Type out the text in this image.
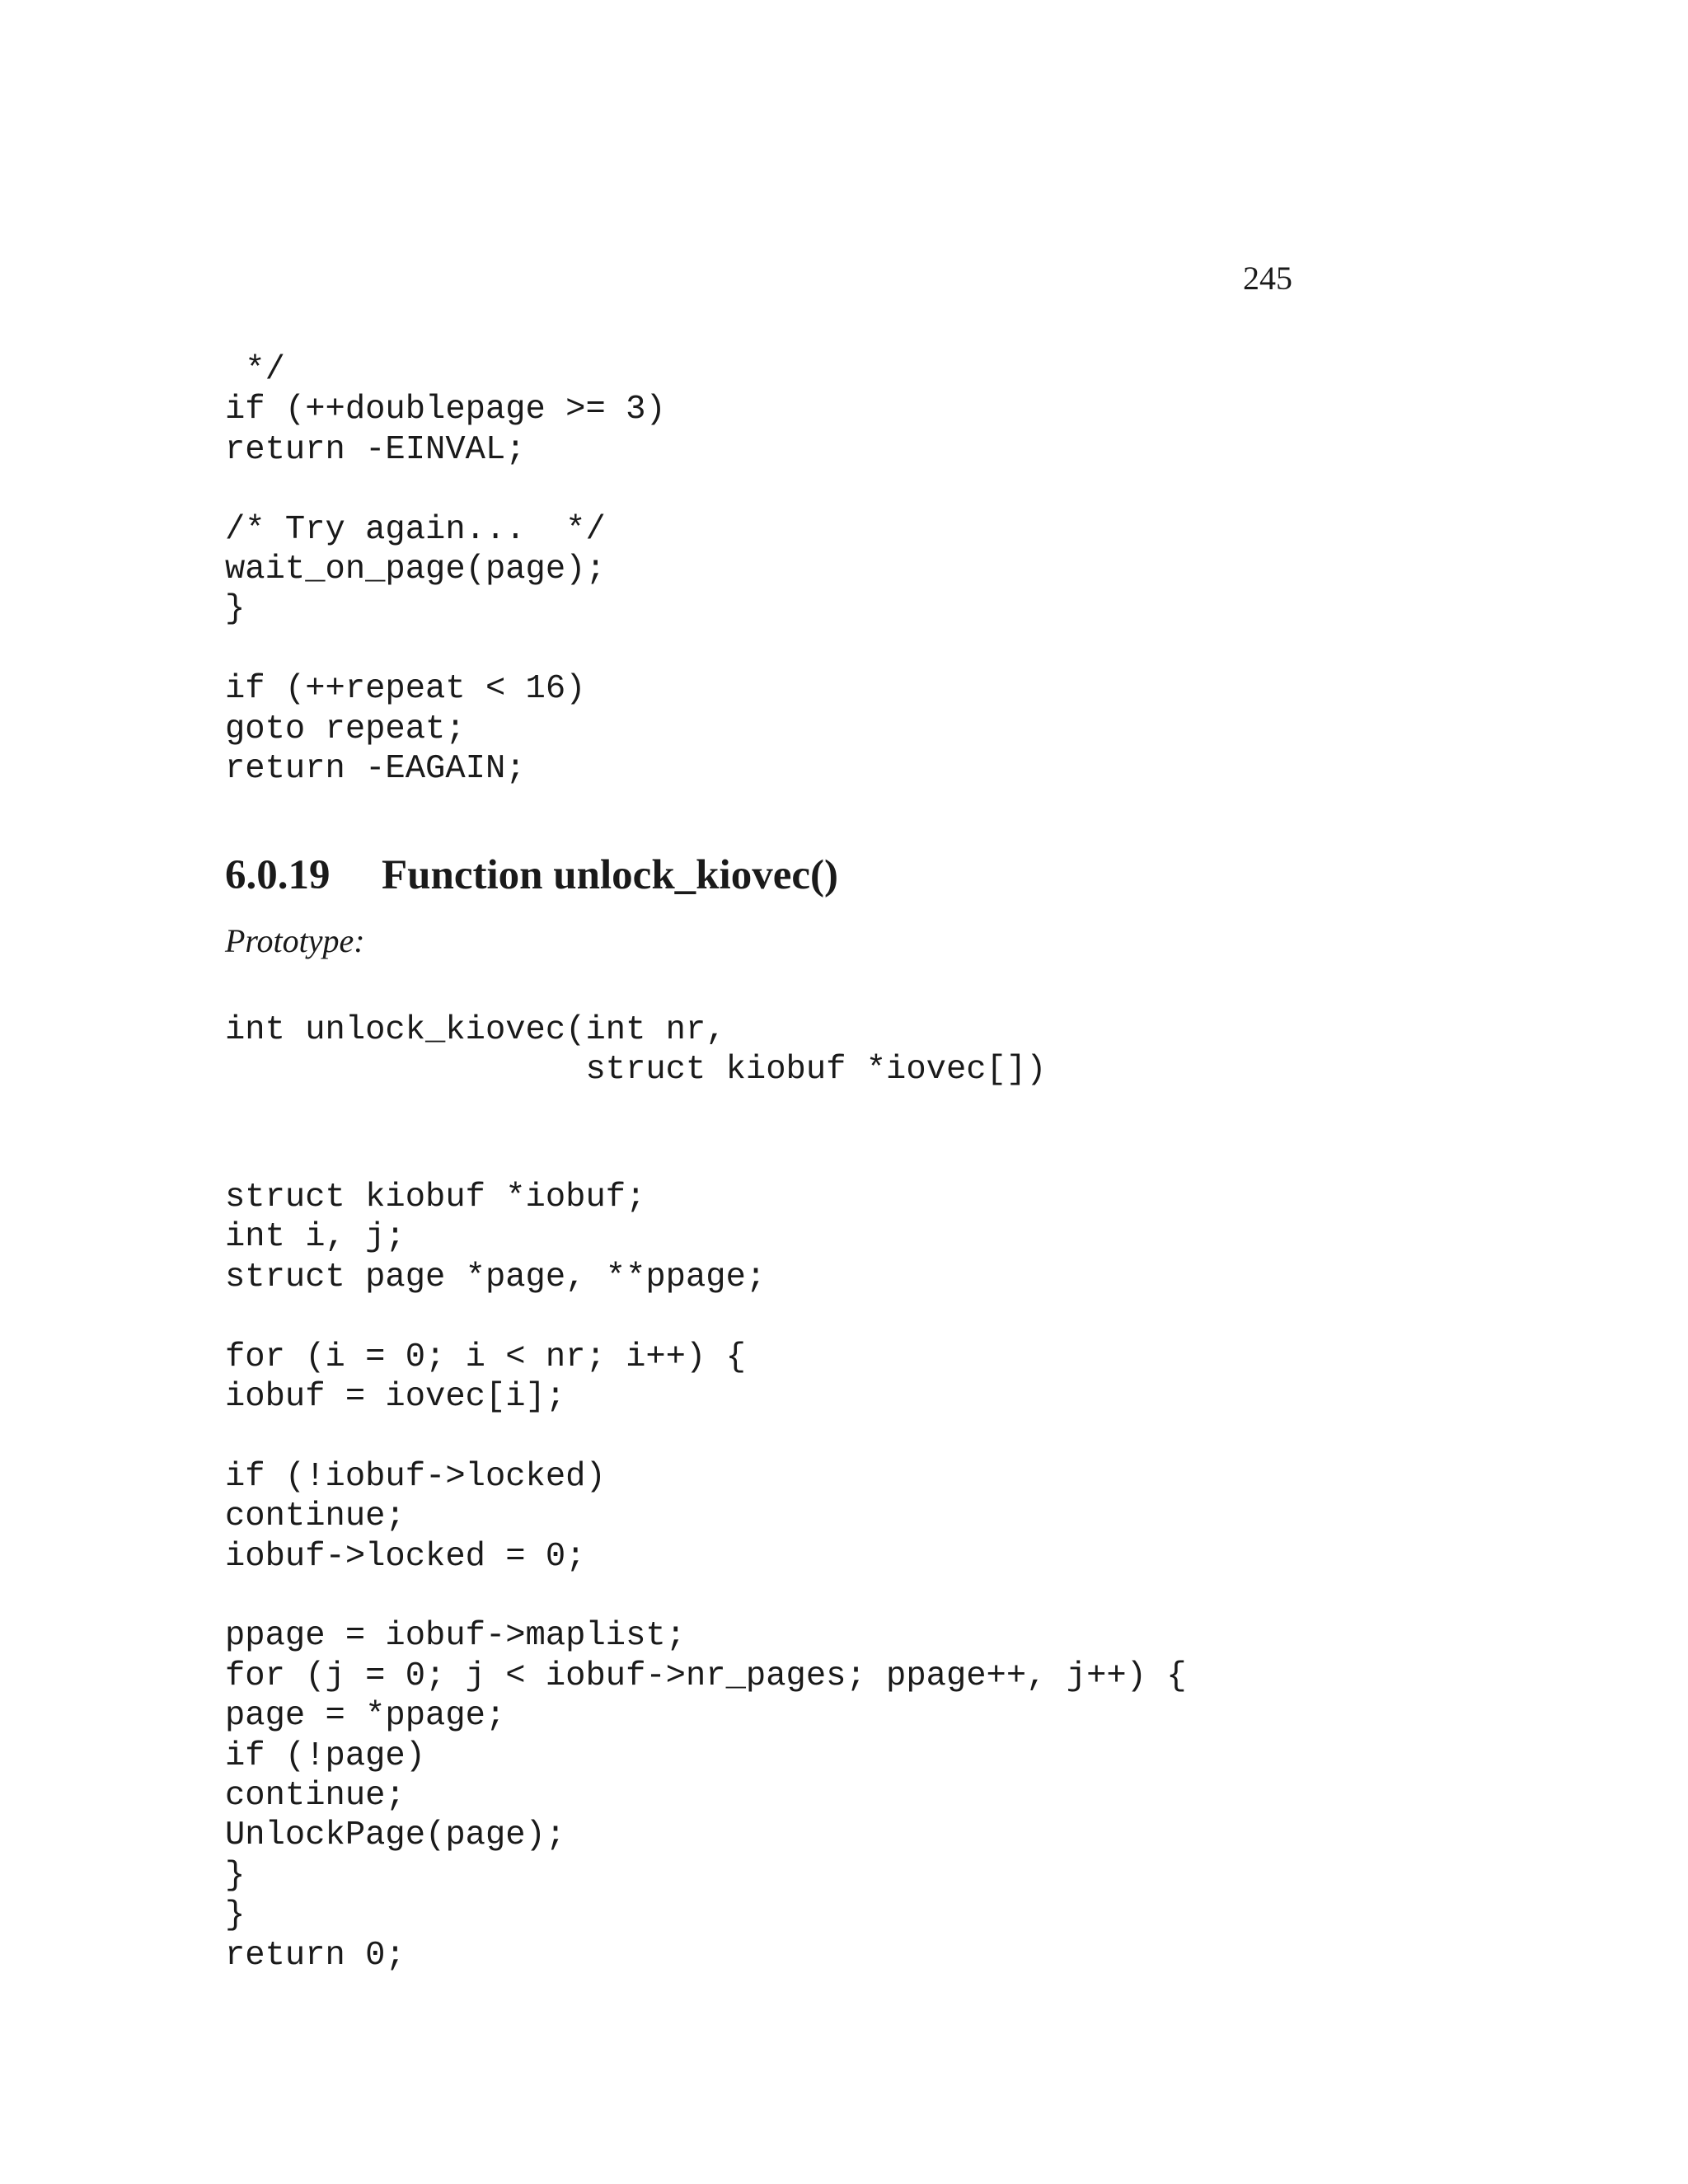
245
*/
if (++doublepage >= 3)
return -EINVAL;
/* Try again...  */
wait_on_page(page);
}
if (++repeat < 16)
goto repeat;
return -EAGAIN;
6.0.19 Function unlock_kiovec()
Prototype:
int unlock_kiovec(int nr,
struct kiobuf *iovec[])
struct kiobuf *iobuf;
int i, j;
struct page *page, **ppage;
for (i = 0; i < nr; i++) {
iobuf = iovec[i];
if (!iobuf->locked)
continue;
iobuf->locked = 0;
ppage = iobuf->maplist;
for (j = 0; j < iobuf->nr_pages; ppage++, j++) {
page = *ppage;
if (!page)
continue;
UnlockPage(page);
}
}
return 0;
